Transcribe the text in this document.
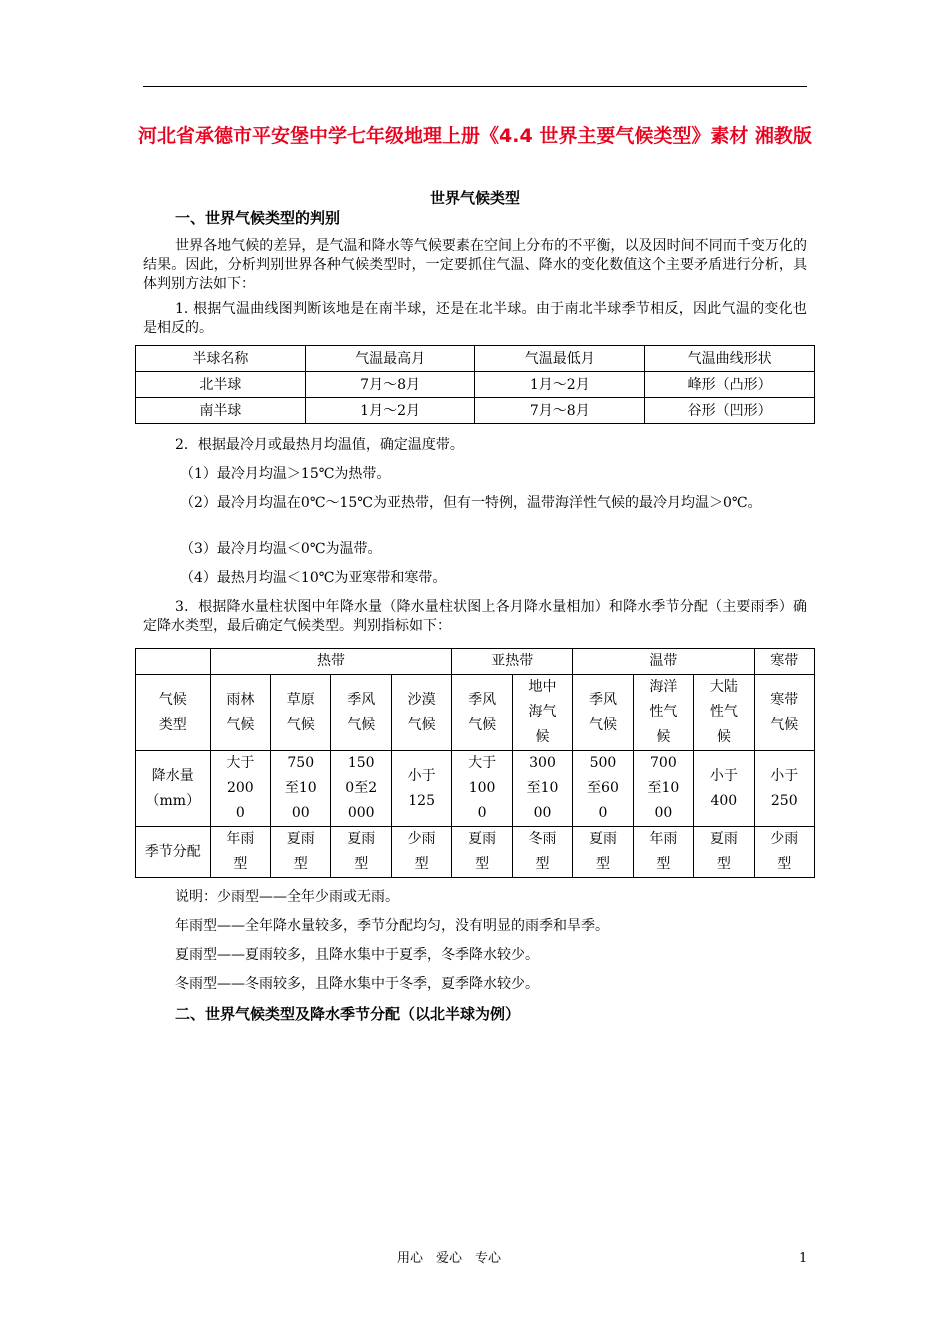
河北省承德市平安堡中学七年级地理上册《4.4 世界主要气候类型》素材 湘教版
世界气候类型
一、世界气候类型的判别
世界各地气候的差异，是气温和降水等气候要素在空间上分布的不平衡，以及因时间不同而千变万化的结果。因此，分析判别世界各种气候类型时，一定要抓住气温、降水的变化数值这个主要矛盾进行分析，具体判别方法如下：
1. 根据气温曲线图判断该地是在南半球，还是在北半球。由于南北半球季节相反，因此气温的变化也是相反的。
半球名称	气温最高月	气温最低月	气温曲线形状
北半球	7月～8月	1月～2月	峰形（凸形）
南半球	1月～2月	7月～8月	谷形（凹形）
2．根据最冷月或最热月均温值，确定温度带。
（1）最冷月均温＞15℃为热带。
（2）最冷月均温在0℃～15℃为亚热带，但有一特例，温带海洋性气候的最冷月均温＞0℃。
（3）最冷月均温＜0℃为温带。
（4）最热月均温＜10℃为亚寒带和寒带。
3．根据降水量柱状图中年降水量（降水量柱状图上各月降水量相加）和降水季节分配（主要雨季）确定降水类型，最后确定气候类型。判别指标如下：
	热带				亚热带		温带			寒带

气候类型	雨林气候	草原气候	季风气候	沙漠气候	季风气候	地中海气候	季风气候	海洋性气候	大陆性气候	寒带气候

降水量（mm）	大于2000	750至1000	1500至2000	小于125	大于1000	300至1000	500至600	700至1000	小于400	小于250

季节分配	年雨型	夏雨型	夏雨型	少雨型	夏雨型	冬雨型	夏雨型	年雨型	夏雨型	少雨型
说明：少雨型——全年少雨或无雨。
年雨型——全年降水量较多，季节分配均匀，没有明显的雨季和旱季。
夏雨型——夏雨较多，且降水集中于夏季，冬季降水较少。
冬雨型——冬雨较多，且降水集中于冬季，夏季降水较少。
二、世界气候类型及降水季节分配（以北半球为例）
用心　爱心　专心	1
